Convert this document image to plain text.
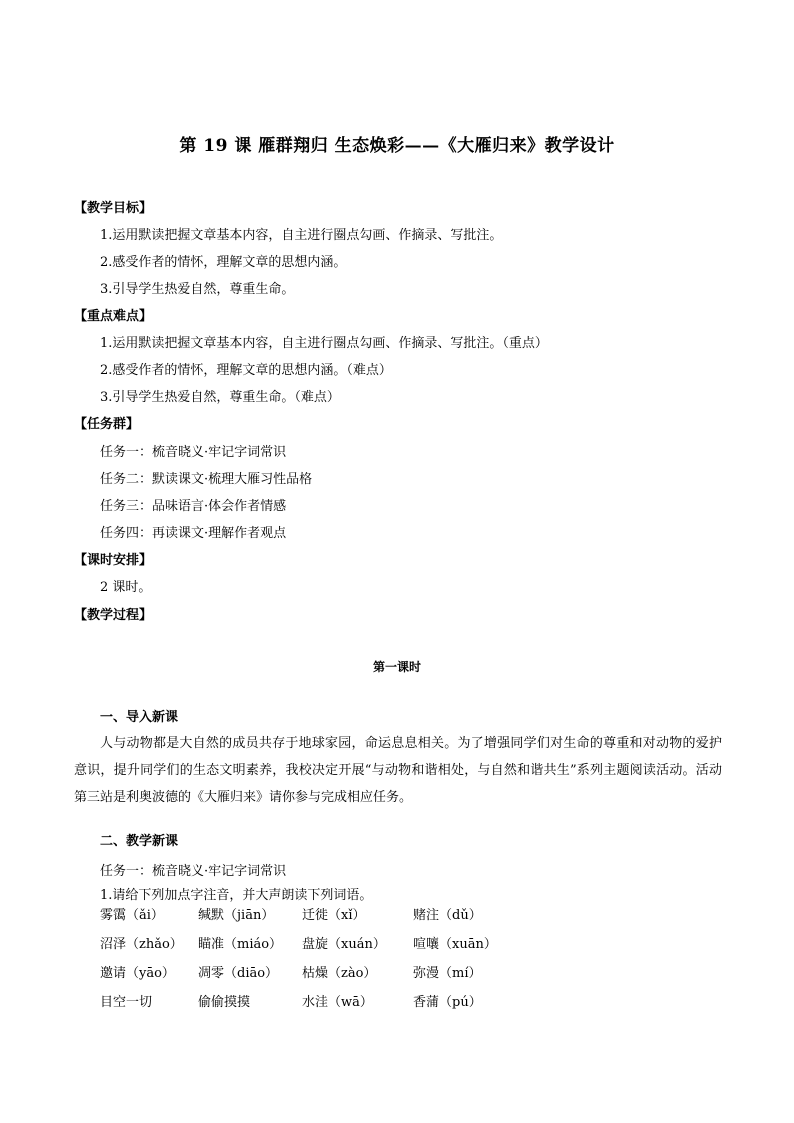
第 19 课 雁群翔归 生态焕彩——《大雁归来》教学设计
【教学目标】
1.运用默读把握文章基本内容，自主进行圈点勾画、作摘录、写批注。
2.感受作者的情怀，理解文章的思想内涵。
3.引导学生热爱自然，尊重生命。
【重点难点】
1.运用默读把握文章基本内容，自主进行圈点勾画、作摘录、写批注。（重点）
2.感受作者的情怀，理解文章的思想内涵。（难点）
3.引导学生热爱自然，尊重生命。（难点）
【任务群】
任务一：梳音晓义·牢记字词常识
任务二：默读课文·梳理大雁习性品格
任务三：品味语言·体会作者情感
任务四：再读课文·理解作者观点
【课时安排】
2 课时。
【教学过程】
第一课时
一、导入新课
人与动物都是大自然的成员共存于地球家园，命运息息相关。为了增强同学们对生命的尊重和对动物的爱护意识，提升同学们的生态文明素养，我校决定开展“与动物和谐相处，与自然和谐共生”系列主题阅读活动。活动第三站是利奥波德的《大雁归来》请你参与完成相应任务。
二、教学新课
任务一：梳音晓义·牢记字词常识
1.请给下列加点字注音，并大声朗读下列词语。
雾霭（ǎi）	缄默（jiān） 迁徙（xǐ）	赌注（dǔ）
沼泽（zhǎo） 瞄准（miáo） 盘旋（xuán） 喧嚷（xuān）
邀请（yāo） 凋零（diāo） 枯燥（zào）	弥漫（mí）
目空一切	偷偷摸摸	水洼（wā）	香蒲（pú）
